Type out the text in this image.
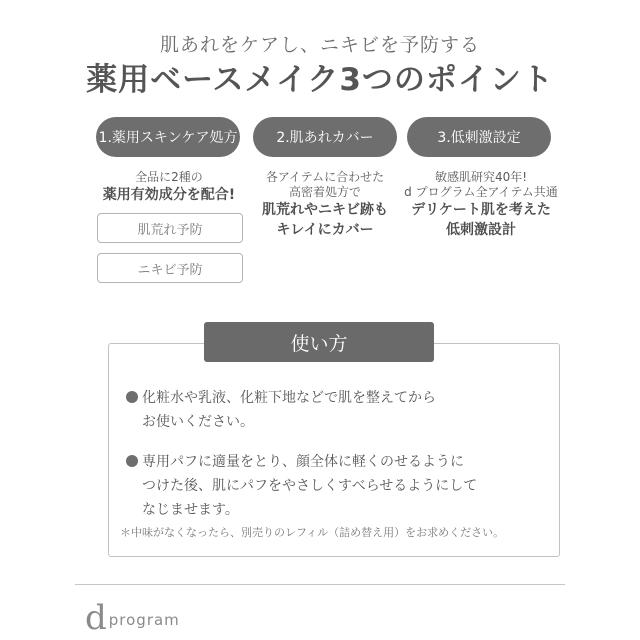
肌あれをケアし、ニキビを予防する
薬用ベースメイク3つのポイント
1.薬用スキンケア処方	2.肌あれカバー	3.低刺激設定
全品に2種の
薬用有効成分を配合!
肌荒れ予防
ニキビ予防
各アイテムに合わせた
高密着処方で
肌荒れやニキビ跡も
キレイにカバー
敏感肌研究40年!
d プログラム全アイテム共通
デリケート肌を考えた
低刺激設計
使い方
化粧水や乳液、化粧下地などで肌を整えてから
お使いください。
専用パフに適量をとり、顔全体に軽くのせるように
つけた後、肌にパフをやさしくすべらせるようにして
なじませます。
＊中味がなくなったら、別売りのレフィル（詰め替え用）をお求めください。
d program
